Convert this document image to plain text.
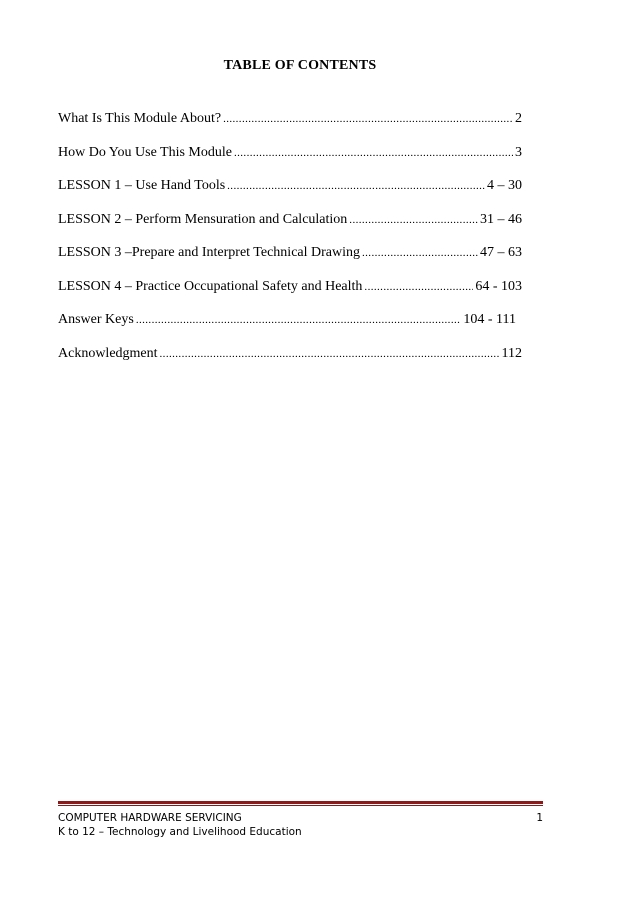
TABLE OF CONTENTS
What Is This Module About? .....	2
How Do You Use This Module .....	3
LESSON 1 – Use Hand Tools .....	4 – 30
LESSON 2 – Perform Mensuration and Calculation .....	31 – 46
LESSON 3 –Prepare and Interpret Technical Drawing .....	47 – 63
LESSON 4 – Practice Occupational Safety and Health .....	64 - 103
Answer Keys .....	104 - 111
Acknowledgment .....	112
COMPUTER HARDWARE SERVICING
K to 12 – Technology and Livelihood Education
1
